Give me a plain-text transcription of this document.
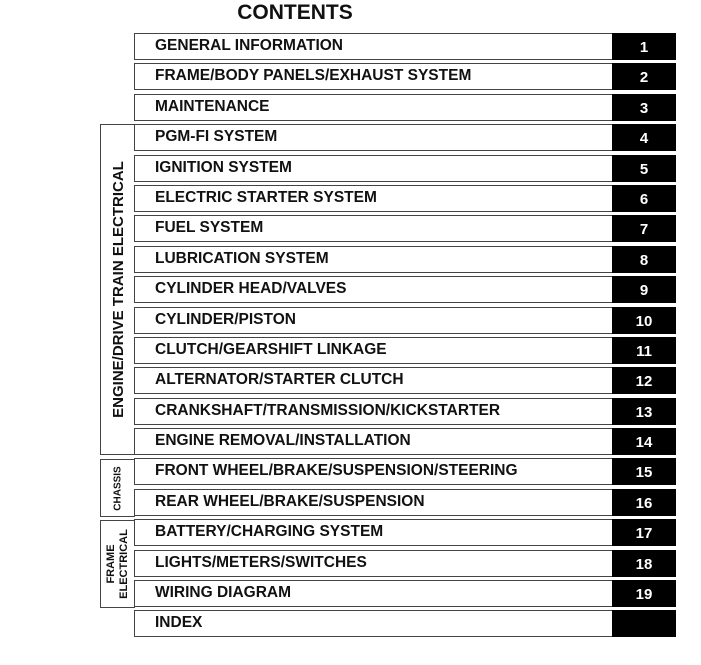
CONTENTS
ENGINE/DRIVE TRAIN ELECTRICAL
CHASSIS
FRAME ELECTRICAL
GENERAL INFORMATION	1
FRAME/BODY PANELS/EXHAUST SYSTEM	2
MAINTENANCE	3
PGM-FI SYSTEM	4
IGNITION SYSTEM	5
ELECTRIC STARTER SYSTEM	6
FUEL SYSTEM	7
LUBRICATION SYSTEM	8
CYLINDER HEAD/VALVES	9
CYLINDER/PISTON	10
CLUTCH/GEARSHIFT LINKAGE	11
ALTERNATOR/STARTER CLUTCH	12
CRANKSHAFT/TRANSMISSION/KICKSTARTER	13
ENGINE REMOVAL/INSTALLATION	14
FRONT WHEEL/BRAKE/SUSPENSION/STEERING	15
REAR WHEEL/BRAKE/SUSPENSION	16
BATTERY/CHARGING SYSTEM	17
LIGHTS/METERS/SWITCHES	18
WIRING DIAGRAM	19
INDEX
